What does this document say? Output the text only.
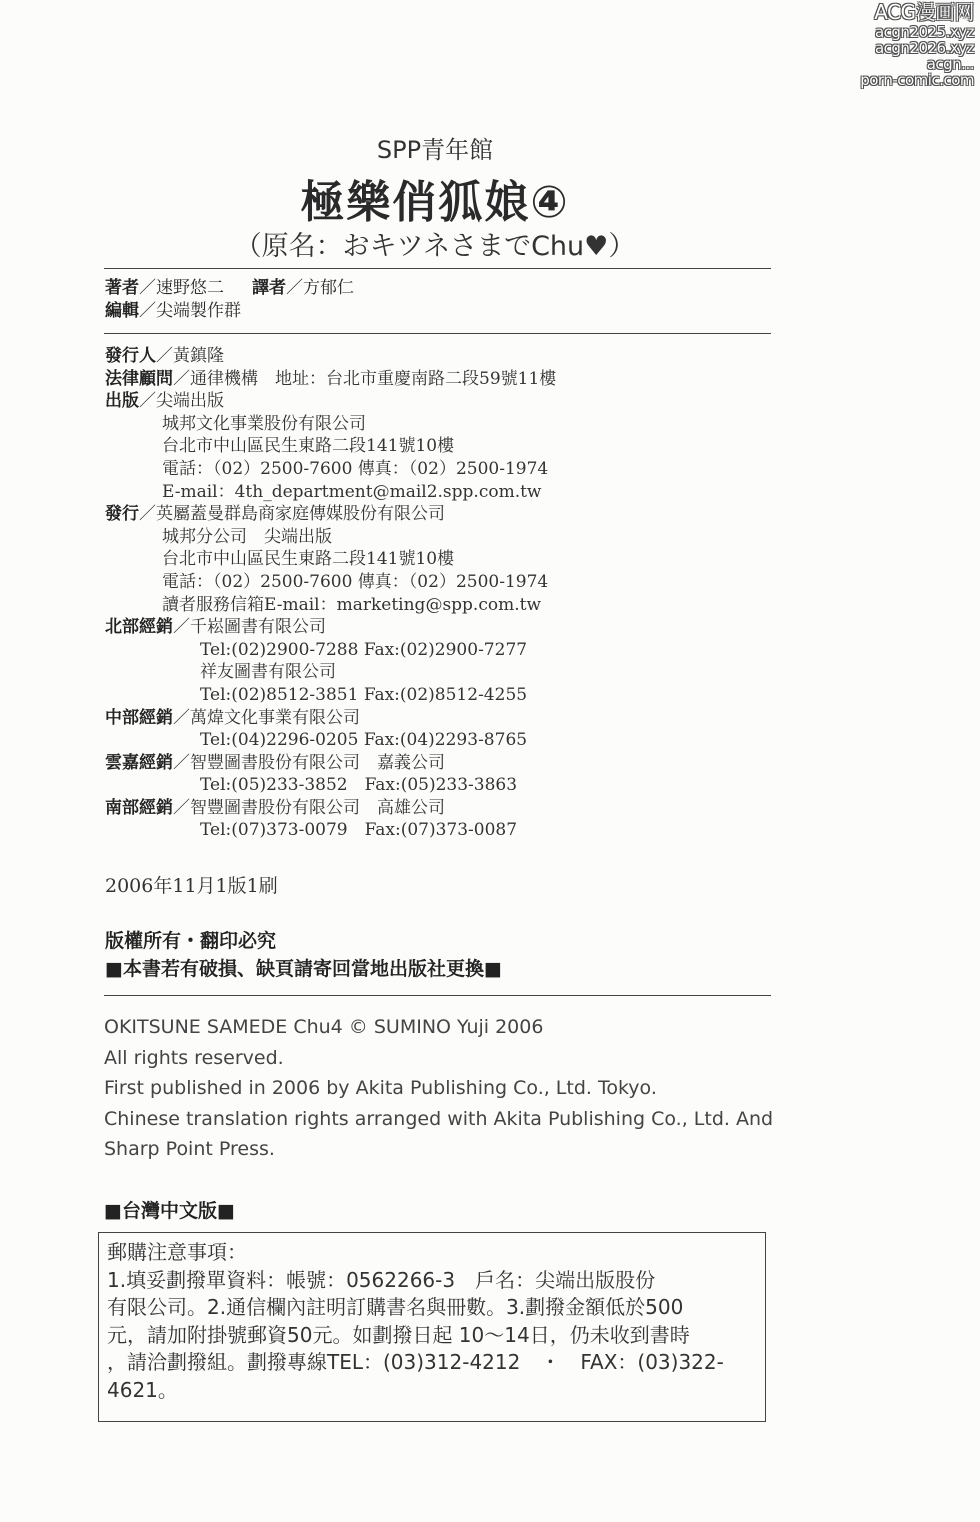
ACG漫画网
acgn2025.xyz
acgn2026.xyz
acgn...
porn-comic.com
SPP青年館
極樂俏狐娘④
（原名：おキツネさまでChu♥）
著者／速野悠二 譯者／方郁仁
編輯／尖端製作群
發行人／黃鎮隆
法律顧問／通律機構　地址：台北市重慶南路二段59號11樓
出版／尖端出版
城邦文化事業股份有限公司
台北市中山區民生東路二段141號10樓
電話：（02）2500-7600 傳真：（02）2500-1974
E-mail：4th_department@mail2.spp.com.tw
發行／英屬蓋曼群島商家庭傳媒股份有限公司
城邦分公司　尖端出版
台北市中山區民生東路二段141號10樓
電話：（02）2500-7600 傳真：（02）2500-1974
讀者服務信箱E-mail：marketing@spp.com.tw
北部經銷／千崧圖書有限公司
Tel:(02)2900-7288 Fax:(02)2900-7277
祥友圖書有限公司
Tel:(02)8512-3851 Fax:(02)8512-4255
中部經銷／萬煒文化事業有限公司
Tel:(04)2296-0205 Fax:(04)2293-8765
雲嘉經銷／智豐圖書股份有限公司　嘉義公司
Tel:(05)233-3852　Fax:(05)233-3863
南部經銷／智豐圖書股份有限公司　高雄公司
Tel:(07)373-0079　Fax:(07)373-0087
2006年11月1版1刷
版權所有・翻印必究
■本書若有破損、缺頁請寄回當地出版社更換■
OKITSUNE SAMEDE Chu4 © SUMINO Yuji 2006
All rights reserved.
First published in 2006 by Akita Publishing Co., Ltd. Tokyo.
Chinese translation rights arranged with Akita Publishing Co., Ltd. And
Sharp Point Press.
■台灣中文版■
郵購注意事項：
1.填妥劃撥單資料：帳號：0562266-3　戶名：尖端出版股份
有限公司。2.通信欄內註明訂購書名與冊數。3.劃撥金額低於500
元，請加附掛號郵資50元。如劃撥日起 10～14日，仍未收到書時
，請洽劃撥組。劃撥專線TEL：(03)312-4212　・　FAX：(03)322-
4621。
